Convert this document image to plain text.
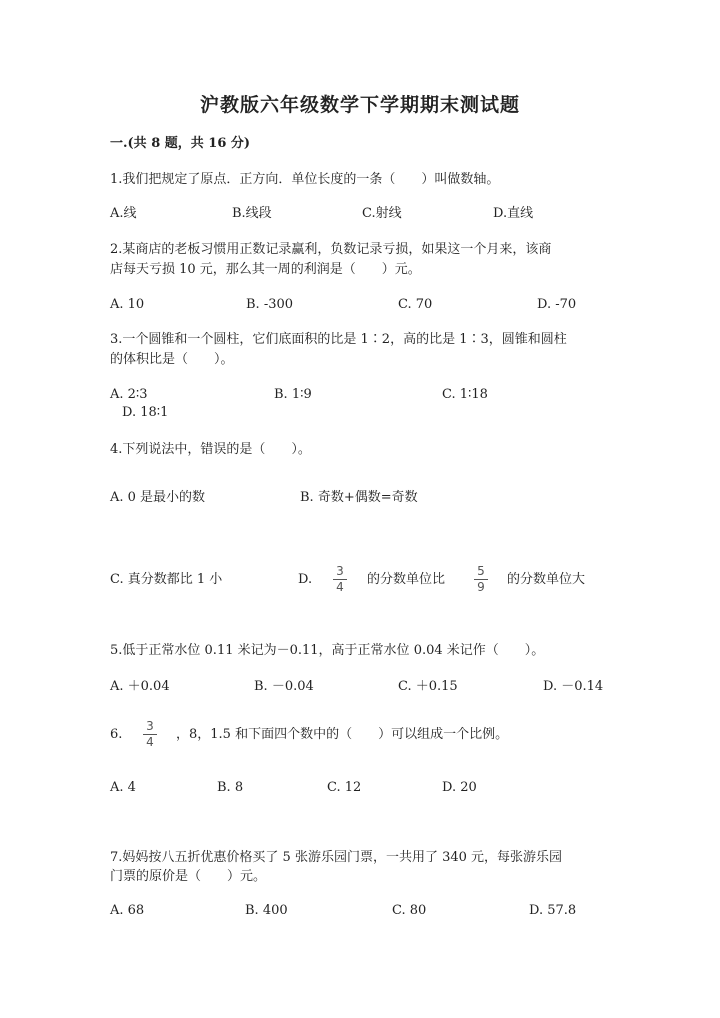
沪教版六年级数学下学期期末测试题
一.(共 8 题，共 16 分)
1.我们把规定了原点．正方向．单位长度的一条（　　）叫做数轴。
A.线	B.线段	C.射线	D.直线
2.某商店的老板习惯用正数记录赢利，负数记录亏损，如果这一个月来，该商
店每天亏损 10 元，那么其一周的利润是（　　）元。
A. 10	B. -300	C. 70	D. -70
3.一个圆锥和一个圆柱，它们底面积的比是 1∶2，高的比是 1∶3，圆锥和圆柱
的体积比是（　　）。
A. 2∶3	B. 1∶9	C. 1∶18
D. 18∶1
4.下列说法中，错误的是（　　）。
A. 0 是最小的数	B. 奇数+偶数=奇数
C. 真分数都比 1 小	D.
3
4 的分数单位比
5
9 的分数单位大
5.低于正常水位 0.11 米记为－0.11，高于正常水位 0.04 米记作（　　）。
A. ＋0.04	B. －0.04	C. ＋0.15	D. －0.14
6.
3
4 ，8，1.5 和下面四个数中的（　　）可以组成一个比例。
A. 4	B. 8	C. 12	D. 20
7.妈妈按八五折优惠价格买了 5 张游乐园门票，一共用了 340 元，每张游乐园
门票的原价是（　　）元。
A. 68	B. 400	C. 80	D. 57.8
